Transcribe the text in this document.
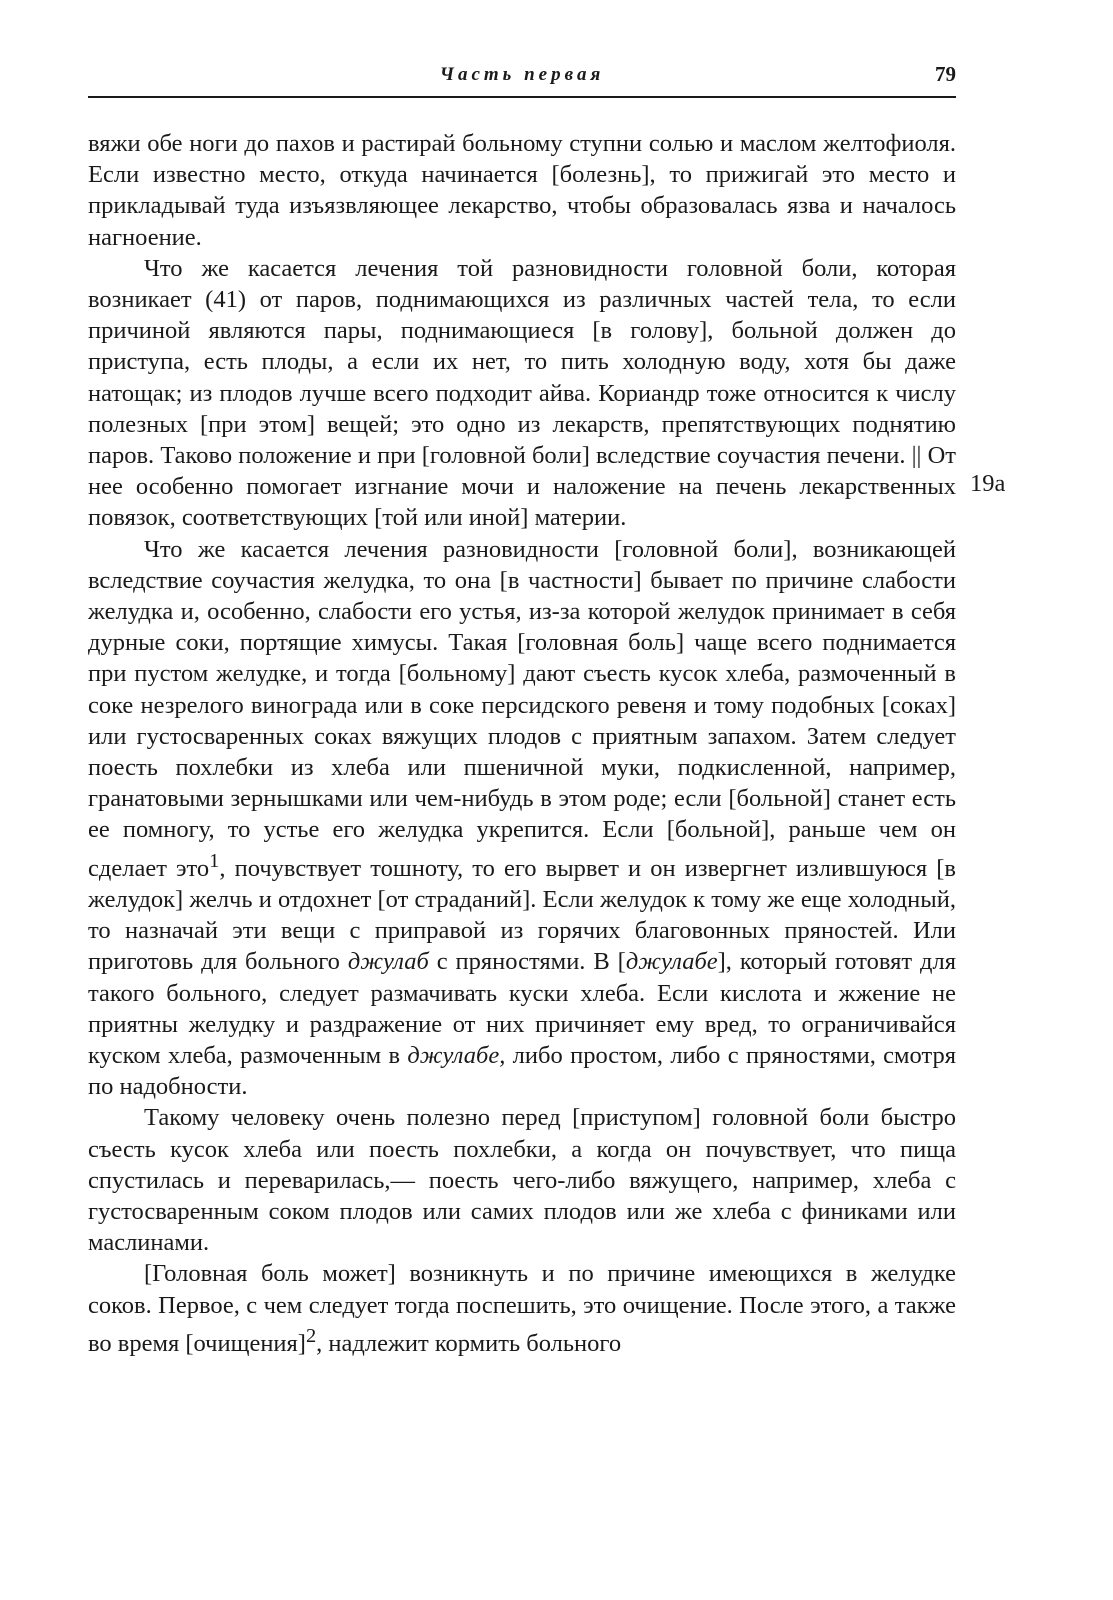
Часть первая	79
19a

вяжи обе ноги до пахов и растирай больному ступни солью и маслом желтофиоля. Если известно место, откуда начинается [болезнь], то прижигай это место и прикладывай туда изъязвляющее лекарство, чтобы образовалась язва и началось нагноение.

Что же касается лечения той разновидности головной боли, которая возникает (41) от паров, поднимающихся из различных частей тела, то если причиной являются пары, поднимающиеся [в голову], больной должен до приступа, есть плоды, а если их нет, то пить холодную воду, хотя бы даже натощак; из плодов лучше всего подходит айва. Кориандр тоже относится к числу полезных [при этом] вещей; это одно из лекарств, препятствующих поднятию паров. Таково положение и при [головной боли] вследствие соучастия печени. || От нее особенно помогает изгнание мочи и наложение на печень лекарственных повязок, соответствующих [той или иной] материи.

Что же касается лечения разновидности [головной боли], возникающей вследствие соучастия желудка, то она [в частности] бывает по причине слабости желудка и, особенно, слабости его устья, из-за которой желудок принимает в себя дурные соки, портящие химусы. Такая [головная боль] чаще всего поднимается при пустом желудке, и тогда [больному] дают съесть кусок хлеба, размоченный в соке незрелого винограда или в соке персидского ревеня и тому подобных [соках] или густосваренных соках вяжущих плодов с приятным запахом. Затем следует поесть похлебки из хлеба или пшеничной муки, подкисленной, например, гранатовыми зернышками или чем-нибудь в этом роде; если [больной] станет есть ее помногу, то устье его желудка укрепится. Если [больной], раньше чем он сделает это$^1$, почувствует тошноту, то его вырвет и он извергнет излившуюся [в желудок] желчь и отдохнет [от страданий]. Если желудок к тому же еще холодный, то назначай эти вещи с приправой из горячих благовонных пряностей. Или приготовь для больного джулаб с пряностями. В [джулабе], который готовят для такого больного, следует размачивать куски хлеба. Если кислота и жжение не приятны желудку и раздражение от них причиняет ему вред, то ограничивайся куском хлеба, размоченным в джулабе, либо простом, либо с пряностями, смотря по надобности.

Такому человеку очень полезно перед [приступом] головной боли быстро съесть кусок хлеба или поесть похлебки, а когда он почувствует, что пища спустилась и переварилась,— поесть чего-либо вяжущего, например, хлеба с густосваренным соком плодов или самих плодов или же хлеба с финиками или маслинами.

[Головная боль может] возникнуть и по причине имеющихся в желудке соков. Первое, с чем следует тогда поспешить, это очищение. После этого, а также во время [очищения]$^2$, надлежит кормить больного
